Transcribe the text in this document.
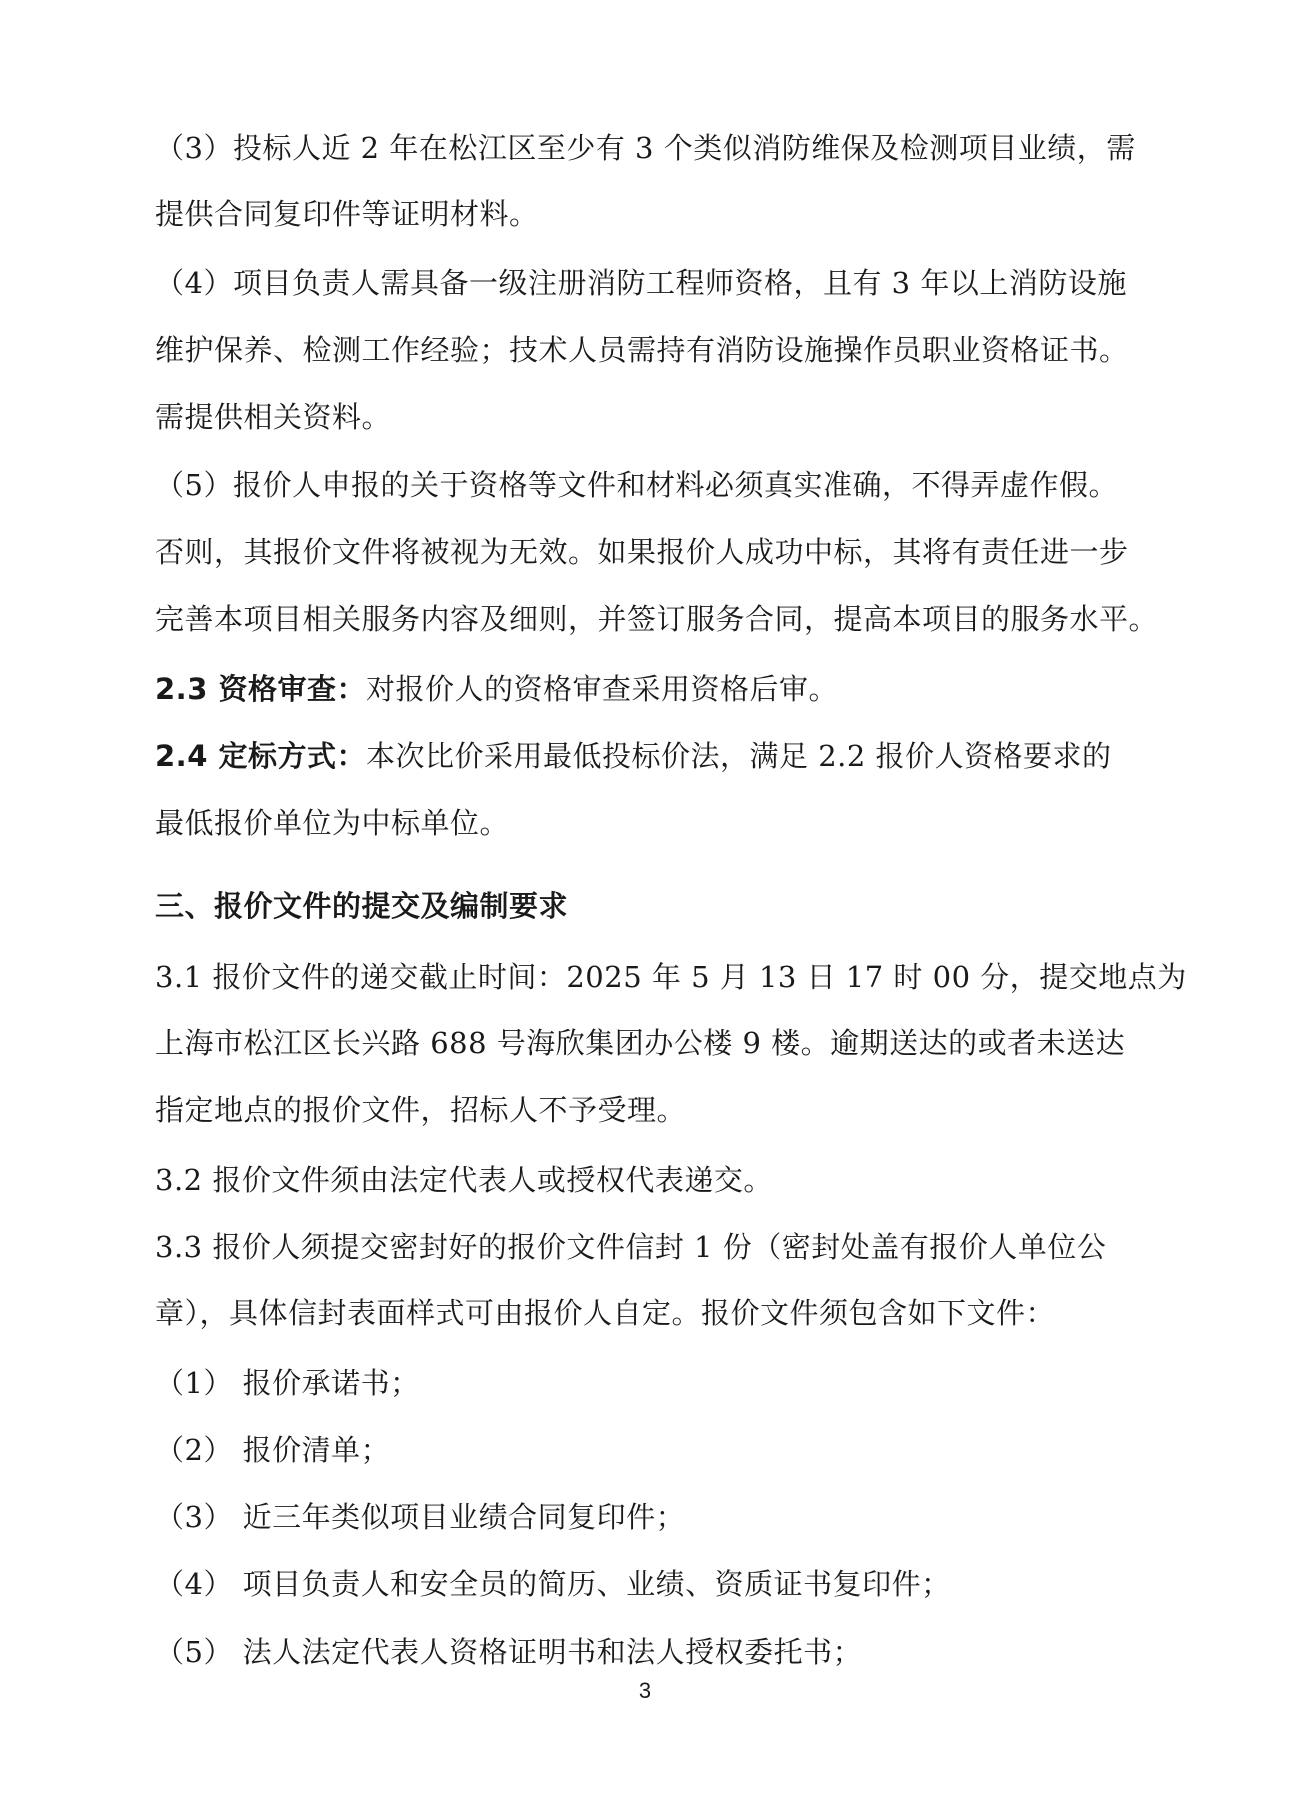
（3）投标人近 2 年在松江区至少有 3 个类似消防维保及检测项目业绩，需
提供合同复印件等证明材料。
（4）项目负责人需具备一级注册消防工程师资格，且有 3 年以上消防设施
维护保养、检测工作经验；技术人员需持有消防设施操作员职业资格证书。
需提供相关资料。
（5）报价人申报的关于资格等文件和材料必须真实准确，不得弄虚作假。
否则，其报价文件将被视为无效。如果报价人成功中标，其将有责任进一步
完善本项目相关服务内容及细则，并签订服务合同，提高本项目的服务水平。
2.3 资格审查：对报价人的资格审查采用资格后审。
2.4 定标方式：本次比价采用最低投标价法，满足 2.2 报价人资格要求的
最低报价单位为中标单位。
三、报价文件的提交及编制要求
3.1 报价文件的递交截止时间：2025 年 5 月 13 日 17 时 00 分，提交地点为
上海市松江区长兴路 688 号海欣集团办公楼 9 楼。逾期送达的或者未送达
指定地点的报价文件，招标人不予受理。
3.2 报价文件须由法定代表人或授权代表递交。
3.3 报价人须提交密封好的报价文件信封 1 份（密封处盖有报价人单位公
章），具体信封表面样式可由报价人自定。报价文件须包含如下文件：
（1） 报价承诺书；
（2） 报价清单；
（3） 近三年类似项目业绩合同复印件；
（4） 项目负责人和安全员的简历、业绩、资质证书复印件；
（5） 法人法定代表人资格证明书和法人授权委托书；
3
